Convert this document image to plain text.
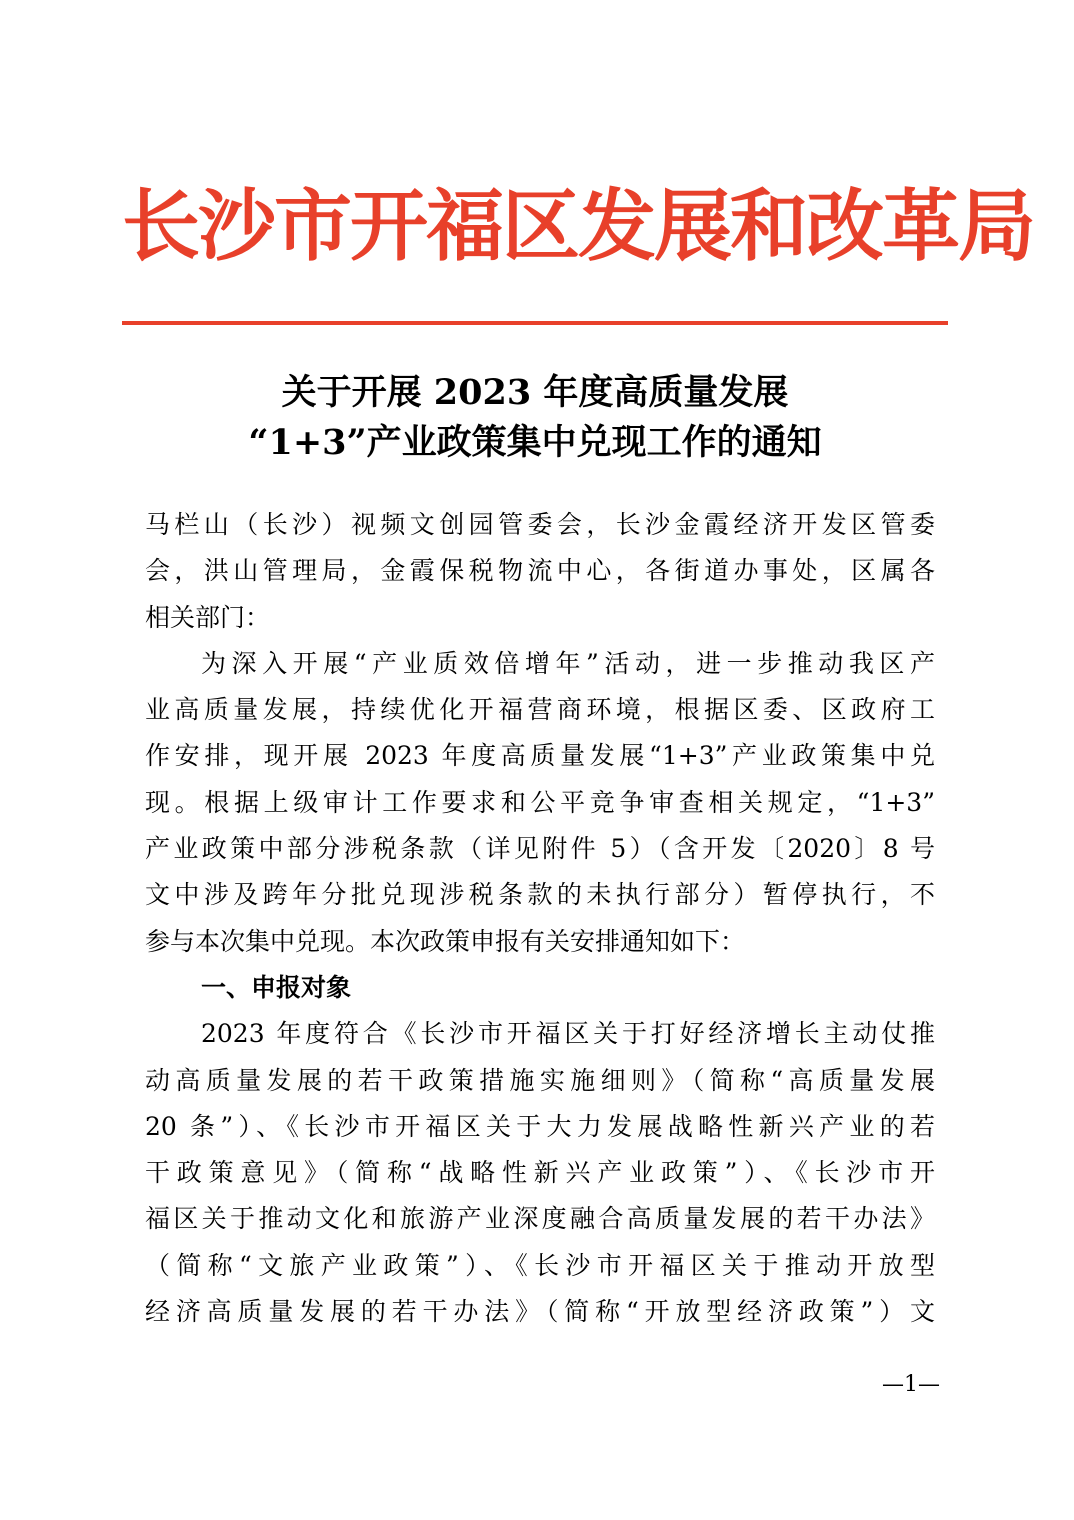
长沙市开福区发展和改革局
关于开展 2023 年度高质量发展
“1+3”产业政策集中兑现工作的通知
马栏山（长沙）视频文创园管委会，长沙金霞经济开发区管委
会，洪山管理局，金霞保税物流中心，各街道办事处，区属各
相关部门：
为深入开展“产业质效倍增年”活动，进一步推动我区产
业高质量发展，持续优化开福营商环境，根据区委、区政府工
作安排，现开展 2023 年度高质量发展“1+3”产业政策集中兑
现。根据上级审计工作要求和公平竞争审查相关规定，“1+3”
产业政策中部分涉税条款（详见附件 5）（含开发〔2020〕8 号
文中涉及跨年分批兑现涉税条款的未执行部分）暂停执行，不
参与本次集中兑现。本次政策申报有关安排通知如下：
一、申报对象
2023 年度符合《长沙市开福区关于打好经济增长主动仗推
动高质量发展的若干政策措施实施细则》（简称“高质量发展
20 条”）、《长沙市开福区关于大力发展战略性新兴产业的若
干政策意见》（简称“战略性新兴产业政策”）、《长沙市开
福区关于推动文化和旅游产业深度融合高质量发展的若干办法》
（简称“文旅产业政策”）、《长沙市开福区关于推动开放型
经济高质量发展的若干办法》（简称“开放型经济政策”）文
—1—
